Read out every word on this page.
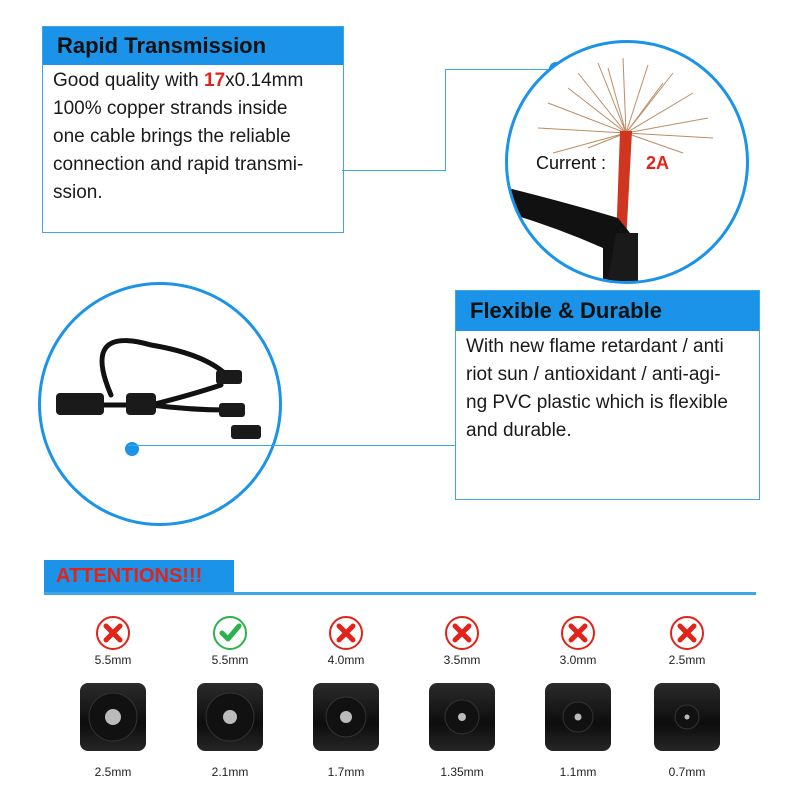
Rapid Transmission
Good quality with 17x0.14mm
100% copper strands inside
one cable brings the reliable
connection and rapid transmi-
ssion.
Current : 2A
Flexible & Durable
With new flame retardant / anti
riot sun / antioxidant / anti-agi-
ng PVC plastic which is flexible
and durable.
ATTENTIONS!!!
5.5mm
2.5mm
5.5mm
2.1mm
4.0mm
1.7mm
3.5mm
1.35mm
3.0mm
1.1mm
2.5mm
0.7mm
